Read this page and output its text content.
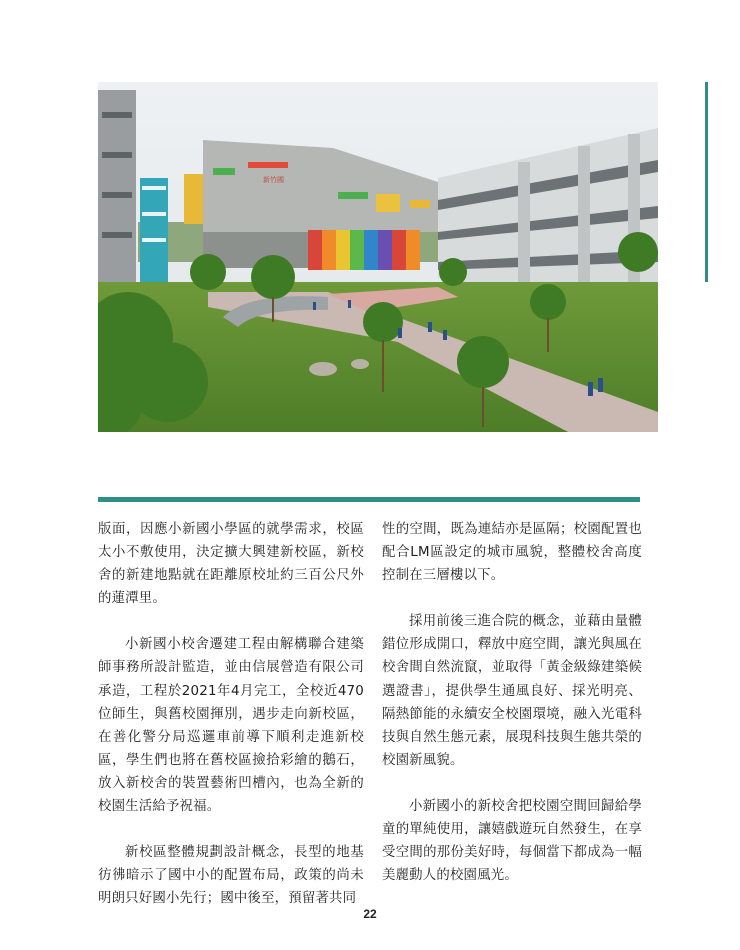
新竹國

版面，因應小新國小學區的就學需求，校區太小不敷使用，決定擴大興建新校區，新校舍的新建地點就在距離原校址約三百公尺外的蓮潭里。

小新國小校舍遷建工程由解構聯合建築師事務所設計監造，並由信展營造有限公司承造，工程於2021年4月完工，全校近470位師生，與舊校園揮別，遇步走向新校區，在善化警分局巡邏車前導下順利走進新校區，學生們也將在舊校區撿拾彩繪的鵝石，放入新校舍的裝置藝術凹槽內，也為全新的校園生活給予祝福。

新校區整體規劃設計概念，長型的地基彷彿暗示了國中小的配置布局，政策的尚未明朗只好國小先行；國中後至，預留著共同

性的空間，既為連結亦是區隔；校園配置也配合LM區設定的城市風貌，整體校舍高度控制在三層樓以下。

採用前後三進合院的概念，並藉由量體錯位形成開口，釋放中庭空間，讓光與風在校舍間自然流竄，並取得「黃金級綠建築候選證書」，提供學生通風良好、採光明亮、隔熱節能的永續安全校園環境，融入光電科技與自然生態元素，展現科技與生態共榮的校園新風貌。

小新國小的新校舍把校園空間回歸給學童的單純使用，讓嬉戲遊玩自然發生，在享受空間的那份美好時，每個當下都成為一幅美麗動人的校園風光。

22
